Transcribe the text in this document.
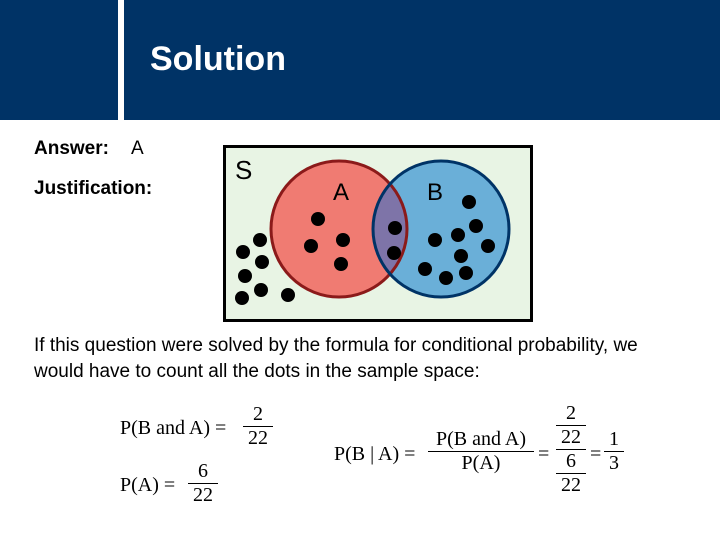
Solution
Answer: A
Justification:
S
A	B
If this question were solved by the formula for conditional probability, we would have to count all the dots in the sample space:
P(B and A) =
2
22
P(A) =
6
22
P(B | A) =
P(B and A)
P(A)	=
2
22
6
22
=
1
3
